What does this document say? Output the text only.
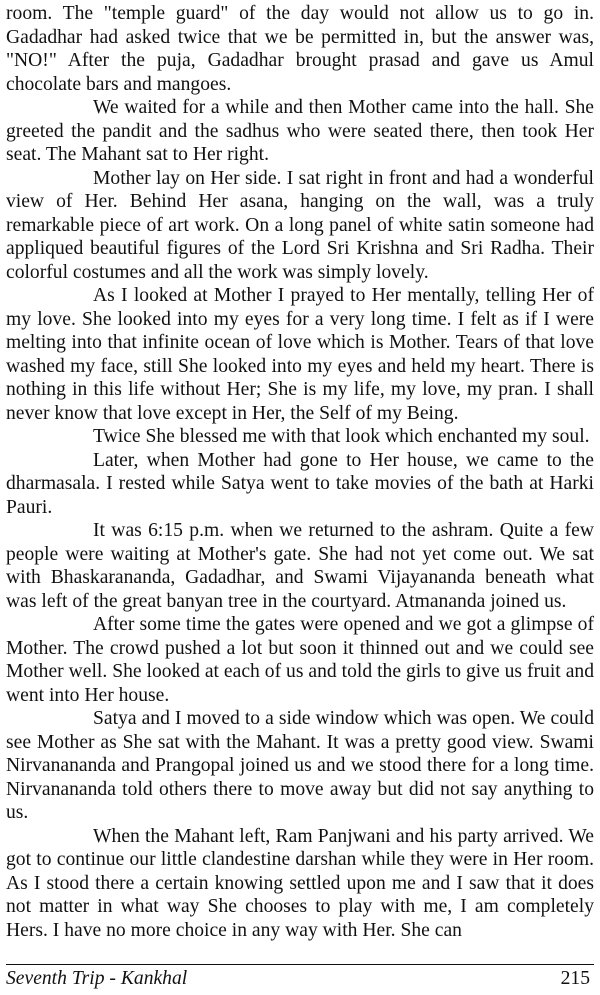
room. The "temple guard" of the day would not allow us to go in. Gadadhar had asked twice that we be permitted in, but the answer was, "NO!" After the puja, Gadadhar brought prasad and gave us Amul chocolate bars and mangoes.

We waited for a while and then Mother came into the hall. She greeted the pandit and the sadhus who were seated there, then took Her seat. The Mahant sat to Her right.

Mother lay on Her side. I sat right in front and had a wonderful view of Her. Behind Her asana, hanging on the wall, was a truly remarkable piece of art work. On a long panel of white satin someone had appliqued beautiful figures of the Lord Sri Krishna and Sri Radha. Their colorful costumes and all the work was simply lovely.

As I looked at Mother I prayed to Her mentally, telling Her of my love. She looked into my eyes for a very long time. I felt as if I were melting into that infinite ocean of love which is Mother. Tears of that love washed my face, still She looked into my eyes and held my heart. There is nothing in this life without Her; She is my life, my love, my pran. I shall never know that love except in Her, the Self of my Being.

Twice She blessed me with that look which enchanted my soul.

Later, when Mother had gone to Her house, we came to the dharmasala. I rested while Satya went to take movies of the bath at Harki Pauri.

It was 6:15 p.m. when we returned to the ashram. Quite a few people were waiting at Mother's gate. She had not yet come out. We sat with Bhaskarananda, Gadadhar, and Swami Vijayananda beneath what was left of the great banyan tree in the courtyard. Atmananda joined us.

After some time the gates were opened and we got a glimpse of Mother. The crowd pushed a lot but soon it thinned out and we could see Mother well. She looked at each of us and told the girls to give us fruit and went into Her house.

Satya and I moved to a side window which was open. We could see Mother as She sat with the Mahant. It was a pretty good view. Swami Nirvanananda and Prangopal joined us and we stood there for a long time. Nirvanananda told others there to move away but did not say anything to us.

When the Mahant left, Ram Panjwani and his party arrived. We got to continue our little clandestine darshan while they were in Her room. As I stood there a certain knowing settled upon me and I saw that it does not matter in what way She chooses to play with me, I am completely Hers. I have no more choice in any way with Her. She can

Seventh Trip - Kankhal	215
